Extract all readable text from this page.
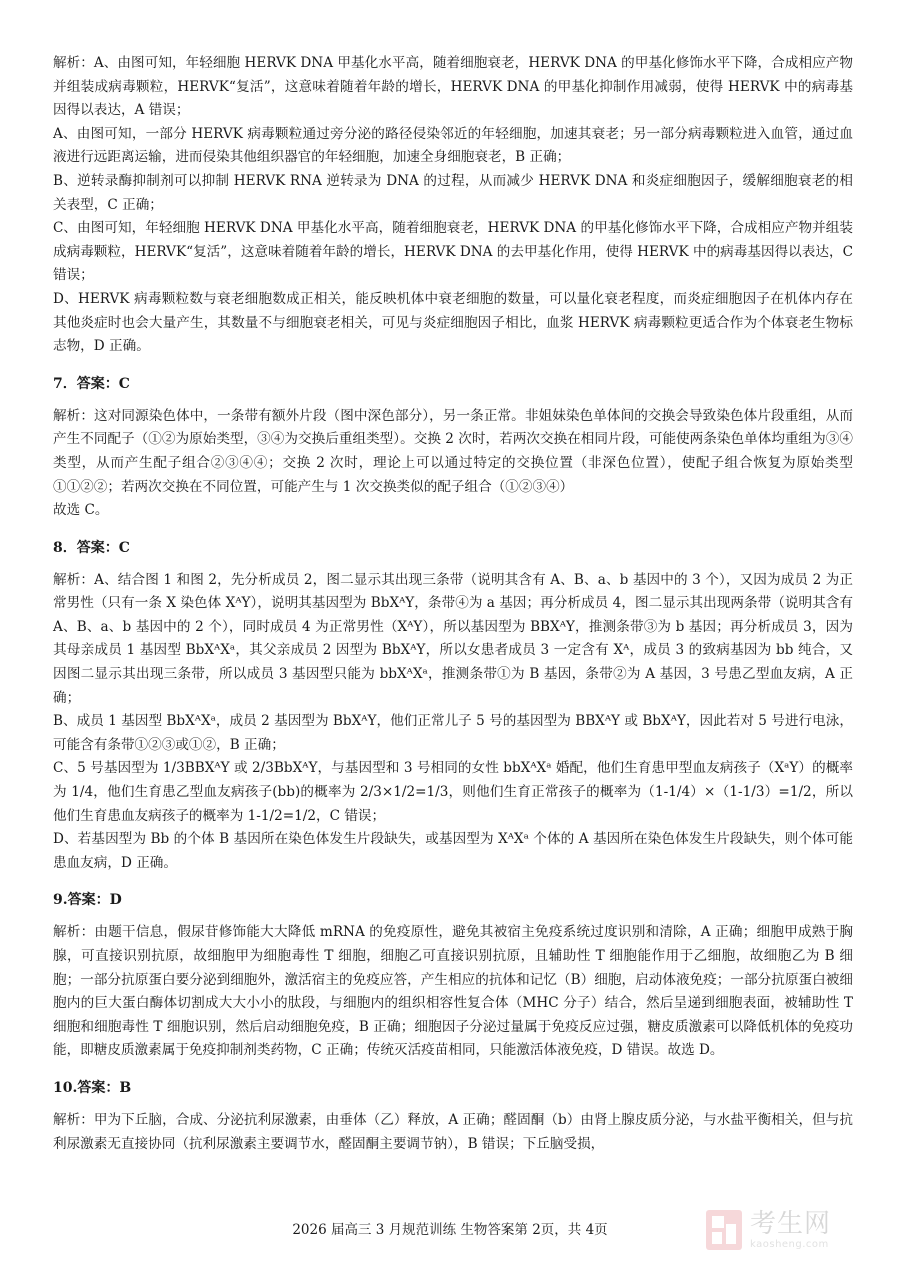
解析：A、由图可知，年轻细胞 HERVK DNA 甲基化水平高，随着细胞衰老，HERVK DNA 的甲基化修饰水平下降，合成相应产物并组装成病毒颗粒，HERVK“复活”，这意味着随着年龄的增长，HERVK DNA 的甲基化抑制作用减弱，使得 HERVK 中的病毒基因得以表达，A 错误；

A、由图可知，一部分 HERVK 病毒颗粒通过旁分泌的路径侵染邻近的年轻细胞，加速其衰老；另一部分病毒颗粒进入血管，通过血液进行远距离运输，进而侵染其他组织器官的年轻细胞，加速全身细胞衰老，B 正确；

B、逆转录酶抑制剂可以抑制 HERVK RNA 逆转录为 DNA 的过程，从而减少 HERVK DNA 和炎症细胞因子，缓解细胞衰老的相关表型，C 正确；

C、由图可知，年轻细胞 HERVK DNA 甲基化水平高，随着细胞衰老，HERVK DNA 的甲基化修饰水平下降，合成相应产物并组装成病毒颗粒，HERVK“复活”，这意味着随着年龄的增长，HERVK DNA 的去甲基化作用，使得 HERVK 中的病毒基因得以表达，C 错误；

D、HERVK 病毒颗粒数与衰老细胞数成正相关，能反映机体中衰老细胞的数量，可以量化衰老程度，而炎症细胞因子在机体内存在其他炎症时也会大量产生，其数量不与细胞衰老相关，可见与炎症细胞因子相比，血浆 HERVK 病毒颗粒更适合作为个体衰老生物标志物，D 正确。

7．答案：C

解析：这对同源染色体中，一条带有额外片段（图中深色部分），另一条正常。非姐妹染色单体间的交换会导致染色体片段重组，从而产生不同配子（①②为原始类型，③④为交换后重组类型）。交换 2 次时，若两次交换在相同片段，可能使两条染色单体均重组为③④类型，从而产生配子组合②③④④；交换 2 次时，理论上可以通过特定的交换位置（非深色位置），使配子组合恢复为原始类型①①②②；若两次交换在不同位置，可能产生与 1 次交换类似的配子组合（①②③④）

故选 C。

8．答案：C

解析：A、结合图 1 和图 2，先分析成员 2，图二显示其出现三条带（说明其含有 A、B、a、b 基因中的 3 个），又因为成员 2 为正常男性（只有一条 X 染色体 XᴬY），说明其基因型为 BbXᴬY，条带④为 a 基因；再分析成员 4，图二显示其出现两条带（说明其含有 A、B、a、b 基因中的 2 个），同时成员 4 为正常男性（XᴬY），所以基因型为 BBXᴬY，推测条带③为 b 基因；再分析成员 3，因为其母亲成员 1 基因型 BbXᴬXᵃ，其父亲成员 2 因型为 BbXᴬY，所以女患者成员 3 一定含有 Xᴬ，成员 3 的致病基因为 bb 纯合，又因图二显示其出现三条带，所以成员 3 基因型只能为 bbXᴬXᵃ，推测条带①为 B 基因，条带②为 A 基因，3 号患乙型血友病，A 正确；

B、成员 1 基因型 BbXᴬXᵃ，成员 2 基因型为 BbXᴬY，他们正常儿子 5 号的基因型为 BBXᴬY 或 BbXᴬY，因此若对 5 号进行电泳，可能含有条带①②③或①②，B 正确；

C、5 号基因型为 1/3BBXᴬY 或 2/3BbXᴬY，与基因型和 3 号相同的女性 bbXᴬXᵃ 婚配，他们生育患甲型血友病孩子（XᵃY）的概率为 1/4，他们生育患乙型血友病孩子(bb)的概率为 2/3×1/2=1/3，则他们生育正常孩子的概率为（1-1/4）×（1-1/3）=1/2，所以他们生育患血友病孩子的概率为 1-1/2=1/2，C 错误；

D、若基因型为 Bb 的个体 B 基因所在染色体发生片段缺失，或基因型为 XᴬXᵃ 个体的 A 基因所在染色体发生片段缺失，则个体可能患血友病，D 正确。

9.答案：D

解析：由题干信息，假尿苷修饰能大大降低 mRNA 的免疫原性，避免其被宿主免疫系统过度识别和清除，A 正确；细胞甲成熟于胸腺，可直接识别抗原，故细胞甲为细胞毒性 T 细胞，细胞乙可直接识别抗原，且辅助性 T 细胞能作用于乙细胞，故细胞乙为 B 细胞；一部分抗原蛋白要分泌到细胞外，激活宿主的免疫应答，产生相应的抗体和记忆（B）细胞，启动体液免疫；一部分抗原蛋白被细胞内的巨大蛋白酶体切割成大大小小的肽段，与细胞内的组织相容性复合体（MHC 分子）结合，然后呈递到细胞表面，被辅助性 T 细胞和细胞毒性 T 细胞识别，然后启动细胞免疫，B 正确；细胞因子分泌过量属于免疫反应过强，糖皮质激素可以降低机体的免疫功能，即糖皮质激素属于免疫抑制剂类药物，C 正确；传统灭活疫苗相同，只能激活体液免疫，D 错误。故选 D。

10.答案：B

解析：甲为下丘脑，合成、分泌抗利尿激素，由垂体（乙）释放，A 正确；醛固酮（b）由肾上腺皮质分泌，与水盐平衡相关，但与抗利尿激素无直接协同（抗利尿激素主要调节水，醛固酮主要调节钠），B 错误；下丘脑受损，

2026 届高三 3 月规范训练 生物答案第 2页，共 4页	考生网
kaosheng.com
